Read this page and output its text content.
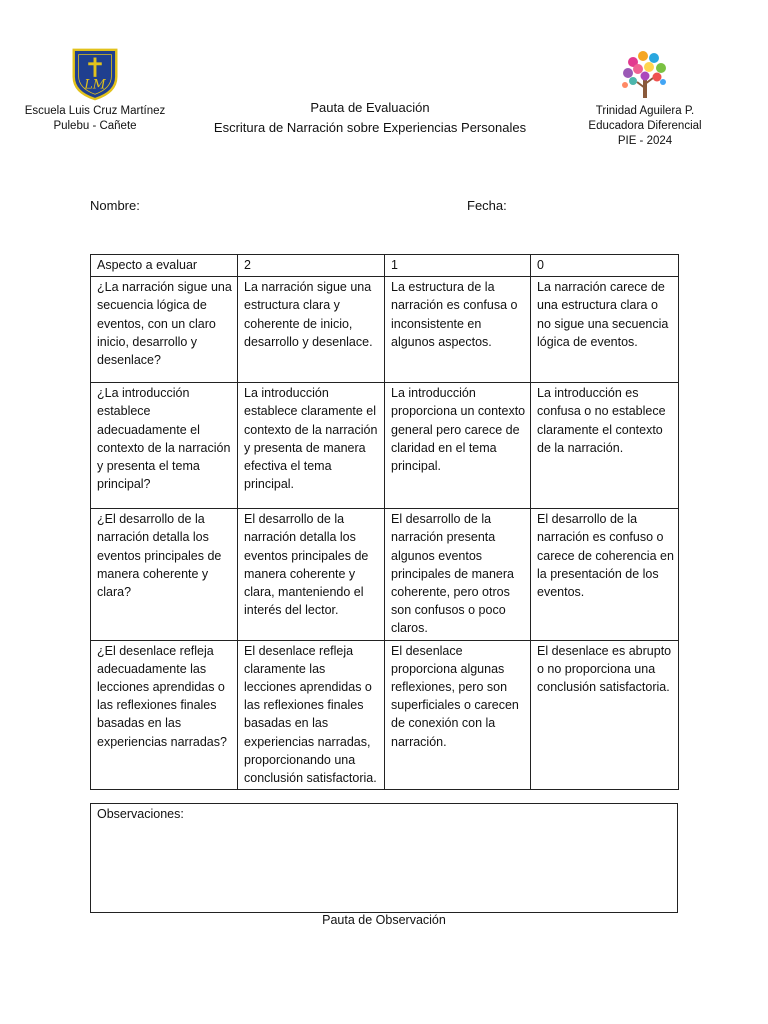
LM
Escuela Luis Cruz Martínez
Pulebu - Cañete
Pauta de Evaluación
Escritura de Narración sobre Experiencias Personales
Trinidad Aguilera P.
Educadora Diferencial
PIE - 2024
Nombre:	Fecha:
Aspecto a evaluar	2	1	0
¿La narración sigue una secuencia lógica de eventos, con un claro inicio, desarrollo y desenlace?	La narración sigue una estructura clara y coherente de inicio, desarrollo y desenlace.	La estructura de la narración es confusa o inconsistente en algunos aspectos.	La narración carece de una estructura clara o no sigue una secuencia lógica de eventos.
¿La introducción establece adecuadamente el contexto de la narración y presenta el tema principal?	La introducción establece claramente el contexto de la narración y presenta de manera efectiva el tema principal.	La introducción proporciona un contexto general pero carece de claridad en el tema principal.	La introducción es confusa o no establece claramente el contexto de la narración.
¿El desarrollo de la narración detalla los eventos principales de manera coherente y clara?	El desarrollo de la narración detalla los eventos principales de manera coherente y clara, manteniendo el interés del lector.	El desarrollo de la narración presenta algunos eventos principales de manera coherente, pero otros son confusos o poco claros.	El desarrollo de la narración es confuso o carece de coherencia en la presentación de los eventos.
¿El desenlace refleja adecuadamente las lecciones aprendidas o las reflexiones finales basadas en las experiencias narradas?	El desenlace refleja claramente las lecciones aprendidas o las reflexiones finales basadas en las experiencias narradas, proporcionando una conclusión satisfactoria.	El desenlace proporciona algunas reflexiones, pero son superficiales o carecen de conexión con la narración.	El desenlace es abrupto o no proporciona una conclusión satisfactoria.
Observaciones:
Pauta de Observación
